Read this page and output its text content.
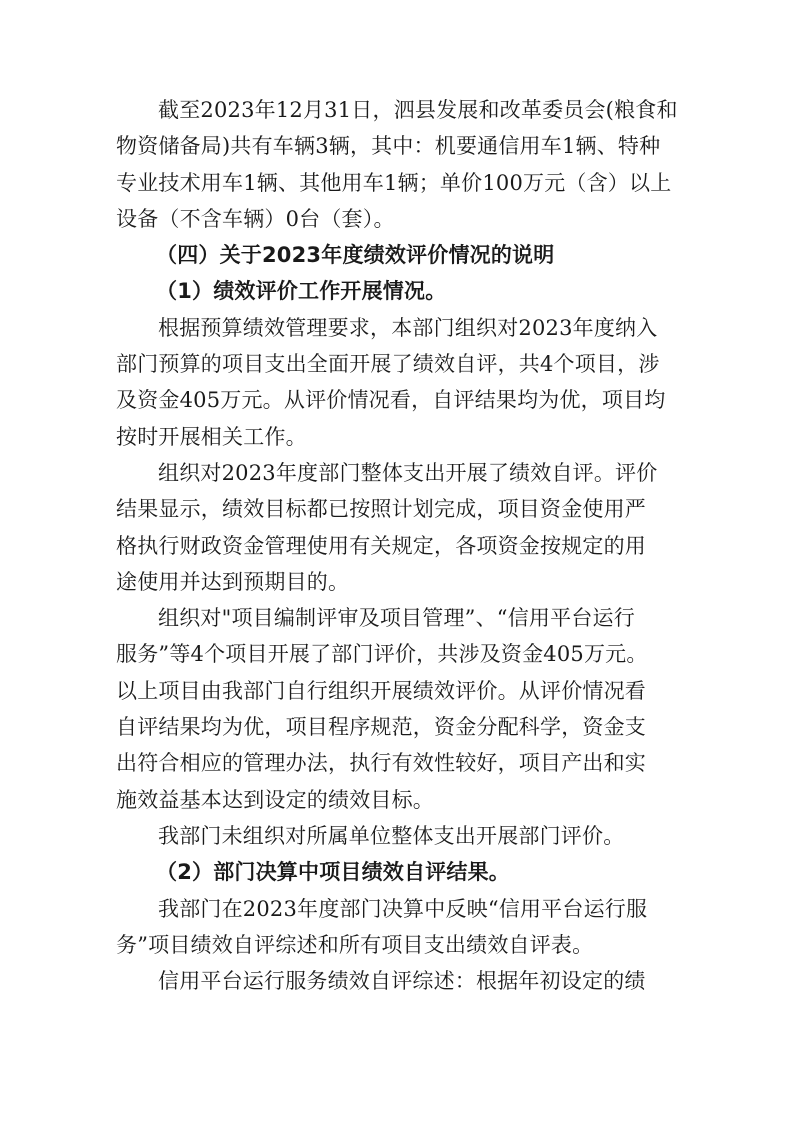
截至2023年12月31日，泗县发展和改革委员会(粮食和
物资储备局)共有车辆3辆，其中：机要通信用车1辆、特种
专业技术用车1辆、其他用车1辆；单价100万元（含）以上
设备（不含车辆）0台（套）。
（四）关于2023年度绩效评价情况的说明
（1）绩效评价工作开展情况。
根据预算绩效管理要求，本部门组织对2023年度纳入
部门预算的项目支出全面开展了绩效自评，共4个项目，涉
及资金405万元。从评价情况看，自评结果均为优，项目均
按时开展相关工作。
组织对2023年度部门整体支出开展了绩效自评。评价
结果显示，绩效目标都已按照计划完成，项目资金使用严
格执行财政资金管理使用有关规定，各项资金按规定的用
途使用并达到预期目的。
组织对"项目编制评审及项目管理”、“信用平台运行
服务”等4个项目开展了部门评价，共涉及资金405万元。
以上项目由我部门自行组织开展绩效评价。从评价情况看
自评结果均为优，项目程序规范，资金分配科学，资金支
出符合相应的管理办法，执行有效性较好，项目产出和实
施效益基本达到设定的绩效目标。
我部门未组织对所属单位整体支出开展部门评价。
（2）部门决算中项目绩效自评结果。
我部门在2023年度部门决算中反映“信用平台运行服
务”项目绩效自评综述和所有项目支出绩效自评表。
信用平台运行服务绩效自评综述：根据年初设定的绩
